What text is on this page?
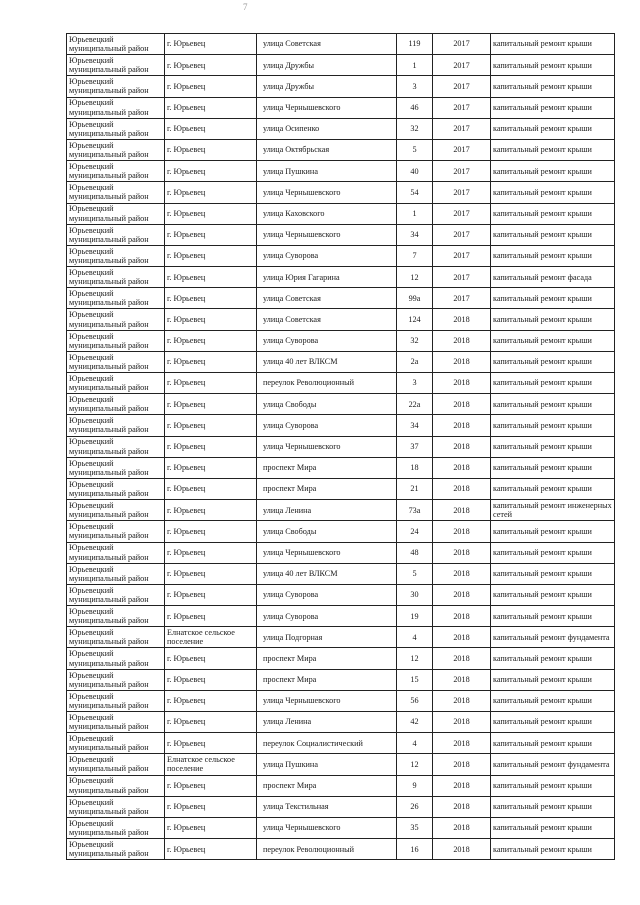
7
Юрьевецкий муниципальный район	г. Юрьевец	улица Советская	119	2017	капитальный ремонт крыши
Юрьевецкий муниципальный район	г. Юрьевец	улица Дружбы	1	2017	капитальный ремонт крыши
Юрьевецкий муниципальный район	г. Юрьевец	улица Дружбы	3	2017	капитальный ремонт крыши
Юрьевецкий муниципальный район	г. Юрьевец	улица Чернышевского	46	2017	капитальный ремонт крыши
Юрьевецкий муниципальный район	г. Юрьевец	улица Осипенко	32	2017	капитальный ремонт крыши
Юрьевецкий муниципальный район	г. Юрьевец	улица Октябрьская	5	2017	капитальный ремонт крыши
Юрьевецкий муниципальный район	г. Юрьевец	улица Пушкина	40	2017	капитальный ремонт крыши
Юрьевецкий муниципальный район	г. Юрьевец	улица Чернышевского	54	2017	капитальный ремонт крыши
Юрьевецкий муниципальный район	г. Юрьевец	улица Каховского	1	2017	капитальный ремонт крыши
Юрьевецкий муниципальный район	г. Юрьевец	улица Чернышевского	34	2017	капитальный ремонт крыши
Юрьевецкий муниципальный район	г. Юрьевец	улица Суворова	7	2017	капитальный ремонт крыши
Юрьевецкий муниципальный район	г. Юрьевец	улица Юрия Гагарина	12	2017	капитальный ремонт фасада
Юрьевецкий муниципальный район	г. Юрьевец	улица Советская	99а	2017	капитальный ремонт крыши
Юрьевецкий муниципальный район	г. Юрьевец	улица Советская	124	2018	капитальный ремонт крыши
Юрьевецкий муниципальный район	г. Юрьевец	улица Суворова	32	2018	капитальный ремонт крыши
Юрьевецкий муниципальный район	г. Юрьевец	улица 40 лет ВЛКСМ	2а	2018	капитальный ремонт крыши
Юрьевецкий муниципальный район	г. Юрьевец	переулок Революционный	3	2018	капитальный ремонт крыши
Юрьевецкий муниципальный район	г. Юрьевец	улица Свободы	22а	2018	капитальный ремонт крыши
Юрьевецкий муниципальный район	г. Юрьевец	улица Суворова	34	2018	капитальный ремонт крыши
Юрьевецкий муниципальный район	г. Юрьевец	улица Чернышевского	37	2018	капитальный ремонт крыши
Юрьевецкий муниципальный район	г. Юрьевец	проспект Мира	18	2018	капитальный ремонт крыши
Юрьевецкий муниципальный район	г. Юрьевец	проспект Мира	21	2018	капитальный ремонт крыши
Юрьевецкий муниципальный район	г. Юрьевец	улица Ленина	73а	2018	капитальный ремонт инженерных сетей
Юрьевецкий муниципальный район	г. Юрьевец	улица Свободы	24	2018	капитальный ремонт крыши
Юрьевецкий муниципальный район	г. Юрьевец	улица Чернышевского	48	2018	капитальный ремонт крыши
Юрьевецкий муниципальный район	г. Юрьевец	улица 40 лет ВЛКСМ	5	2018	капитальный ремонт крыши
Юрьевецкий муниципальный район	г. Юрьевец	улица Суворова	30	2018	капитальный ремонт крыши
Юрьевецкий муниципальный район	г. Юрьевец	улица Суворова	19	2018	капитальный ремонт крыши
Юрьевецкий муниципальный район	Елнатское сельское поселение	улица Подгорная	4	2018	капитальный ремонт фундамента
Юрьевецкий муниципальный район	г. Юрьевец	проспект Мира	12	2018	капитальный ремонт крыши
Юрьевецкий муниципальный район	г. Юрьевец	проспект Мира	15	2018	капитальный ремонт крыши
Юрьевецкий муниципальный район	г. Юрьевец	улица Чернышевского	56	2018	капитальный ремонт крыши
Юрьевецкий муниципальный район	г. Юрьевец	улица Ленина	42	2018	капитальный ремонт крыши
Юрьевецкий муниципальный район	г. Юрьевец	переулок Социалистический	4	2018	капитальный ремонт крыши
Юрьевецкий муниципальный район	Елнатское сельское поселение	улица Пушкина	12	2018	капитальный ремонт фундамента
Юрьевецкий муниципальный район	г. Юрьевец	проспект Мира	9	2018	капитальный ремонт крыши
Юрьевецкий муниципальный район	г. Юрьевец	улица Текстильная	26	2018	капитальный ремонт крыши
Юрьевецкий муниципальный район	г. Юрьевец	улица Чернышевского	35	2018	капитальный ремонт крыши
Юрьевецкий муниципальный район	г. Юрьевец	переулок Революционный	16	2018	капитальный ремонт крыши
